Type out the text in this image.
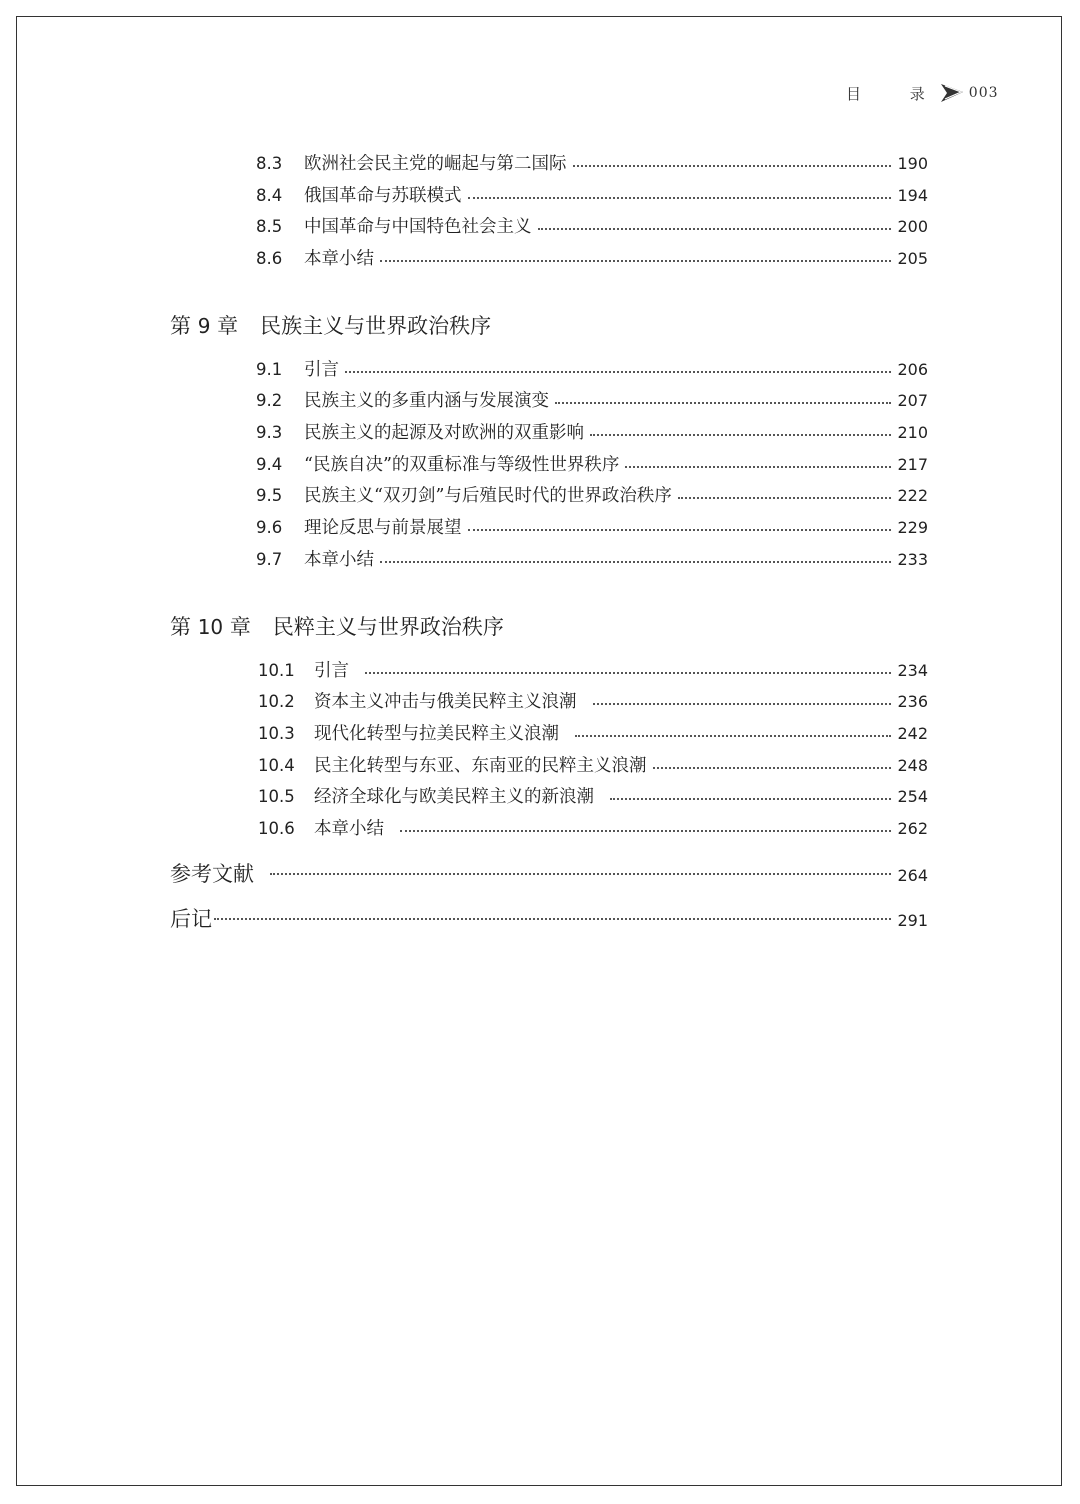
目 录 003
8.3	欧洲社会民主党的崛起与第二国际	190
8.4	俄国革命与苏联模式	194
8.5	中国革命与中国特色社会主义	200
8.6	本章小结	205
第 9 章 民族主义与世界政治秩序
9.1	引言	206
9.2	民族主义的多重内涵与发展演变	207
9.3	民族主义的起源及对欧洲的双重影响	210
9.4	“民族自决”的双重标准与等级性世界秩序	217
9.5	民族主义“双刃剑”与后殖民时代的世界政治秩序	222
9.6	理论反思与前景展望	229
9.7	本章小结	233
第 10 章 民粹主义与世界政治秩序
10.1	引言	234
10.2	资本主义冲击与俄美民粹主义浪潮	236
10.3	现代化转型与拉美民粹主义浪潮	242
10.4	民主化转型与东亚、东南亚的民粹主义浪潮	248
10.5	经济全球化与欧美民粹主义的新浪潮	254
10.6	本章小结	262
参考文献	264
后记	291
